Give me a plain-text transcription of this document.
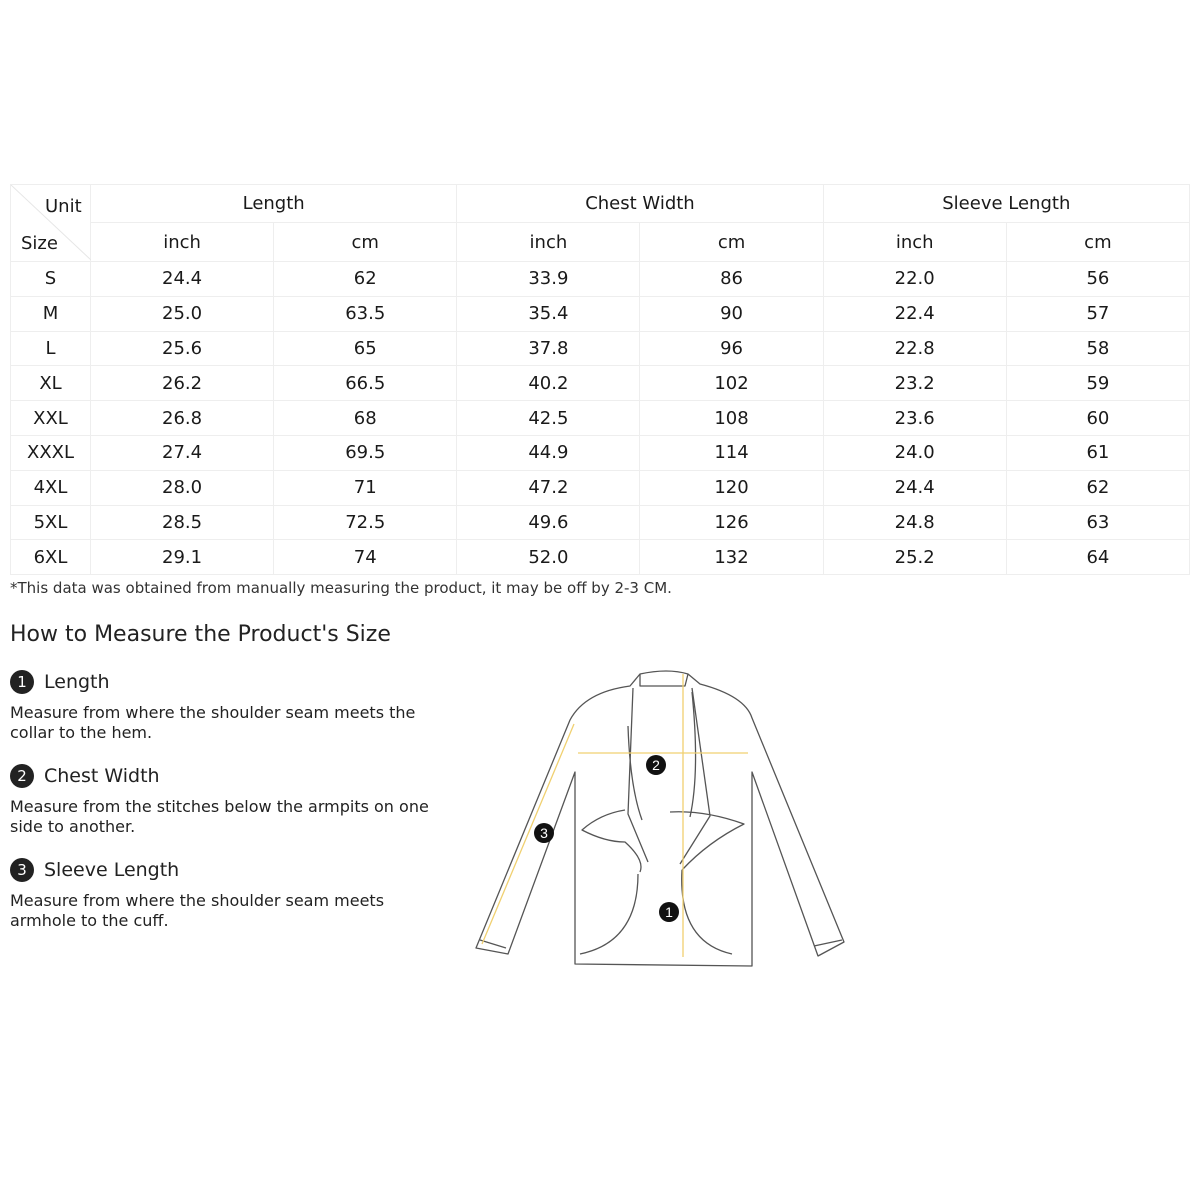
Unit
Size	Length		Chest Width		Sleeve Length	
	inch	cm	inch	cm	inch	cm
S	24.4	62	33.9	86	22.0	56
M	25.0	63.5	35.4	90	22.4	57
L	25.6	65	37.8	96	22.8	58
XL	26.2	66.5	40.2	102	23.2	59
XXL	26.8	68	42.5	108	23.6	60
XXXL	27.4	69.5	44.9	114	24.0	61
4XL	28.0	71	47.2	120	24.4	62
5XL	28.5	72.5	49.6	126	24.8	63
6XL	29.1	74	52.0	132	25.2	64
*This data was obtained from manually measuring the product, it may be off by 2-3 CM.
How to Measure the Product's Size
1 Length
Measure from where the shoulder seam meets the collar to the hem.
2 Chest Width
Measure from the stitches below the armpits on one side to another.
3 Sleeve Length
Measure from where the shoulder seam meets armhole to the cuff.	1
2
3
